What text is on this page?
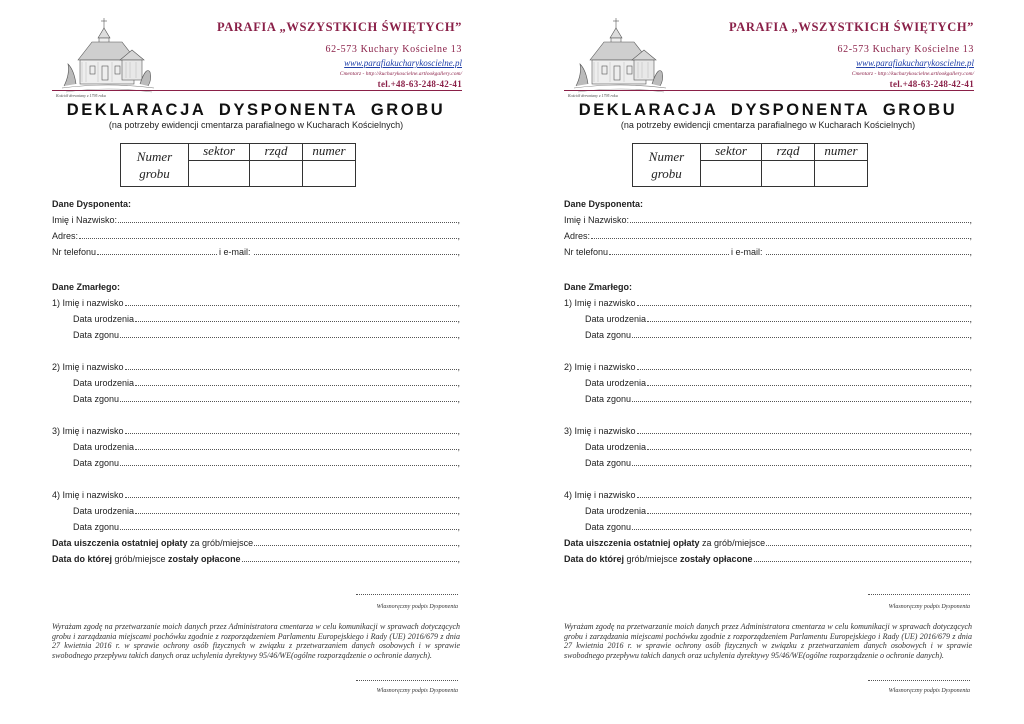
Kościół drewniany z 1795 roku
PARAFIA „WSZYSTKICH ŚWIĘTYCH”
62-573 Kuchary Kościelne 13
www.parafiakucharykoscielne.pl
Cmentarz - http://kucharykoscielne.artlookgallery.com/
tel.+48-63-248-42-41
DEKLARACJA DYSPONENTA GROBU
(na potrzeby ewidencji cmentarza parafialnego w Kucharach Kościelnych)
Numer
grobu	sektor	rząd	numer

Dane Dysponenta:
Imię i Nazwisko:	,
Adres:	,
Nr telefonu	i e-mail:	,
Dane Zmarłego:
1) Imię i nazwisko	,
Data urodzenia	,
Data zgonu	,
2) Imię i nazwisko	,
Data urodzenia	,
Data zgonu	,
3) Imię i nazwisko	,
Data urodzenia	,
Data zgonu	,
4) Imię i nazwisko	,
Data urodzenia	,
Data zgonu	,
Data uiszczenia ostatniej opłaty za grób/miejsce	,
Data do której grób/miejsce zostały opłacone	,
Własnoręczny podpis Dysponenta
Wyrażam zgodę na przetwarzanie moich danych przez Administratora cmentarza w celu komunikacji w sprawach dotyczących grobu i zarządzania miejscami pochówku zgodnie z rozporządzeniem Parlamentu Europejskiego i Rady (UE) 2016/679 z dnia 27 kwietnia 2016 r. w sprawie ochrony osób fizycznych w związku z przetwarzaniem danych osobowych i w sprawie swobodnego przepływu takich danych oraz uchylenia dyrektywy 95/46/WE(ogólne rozporządzenie o ochronie danych).
Własnoręczny podpis Dysponenta
Kościół drewniany z 1795 roku
PARAFIA „WSZYSTKICH ŚWIĘTYCH”
62-573 Kuchary Kościelne 13
www.parafiakucharykoscielne.pl
Cmentarz - http://kucharykoscielne.artlookgallery.com/
tel.+48-63-248-42-41
DEKLARACJA DYSPONENTA GROBU
(na potrzeby ewidencji cmentarza parafialnego w Kucharach Kościelnych)
Numer
grobu	sektor	rząd	numer

Dane Dysponenta:
Imię i Nazwisko:	,
Adres:	,
Nr telefonu	i e-mail:	,
Dane Zmarłego:
1) Imię i nazwisko	,
Data urodzenia	,
Data zgonu	,
2) Imię i nazwisko	,
Data urodzenia	,
Data zgonu	,
3) Imię i nazwisko	,
Data urodzenia	,
Data zgonu	,
4) Imię i nazwisko	,
Data urodzenia	,
Data zgonu	,
Data uiszczenia ostatniej opłaty za grób/miejsce	,
Data do której grób/miejsce zostały opłacone	,
Własnoręczny podpis Dysponenta
Wyrażam zgodę na przetwarzanie moich danych przez Administratora cmentarza w celu komunikacji w sprawach dotyczących grobu i zarządzania miejscami pochówku zgodnie z rozporządzeniem Parlamentu Europejskiego i Rady (UE) 2016/679 z dnia 27 kwietnia 2016 r. w sprawie ochrony osób fizycznych w związku z przetwarzaniem danych osobowych i w sprawie swobodnego przepływu takich danych oraz uchylenia dyrektywy 95/46/WE(ogólne rozporządzenie o ochronie danych).
Własnoręczny podpis Dysponenta
